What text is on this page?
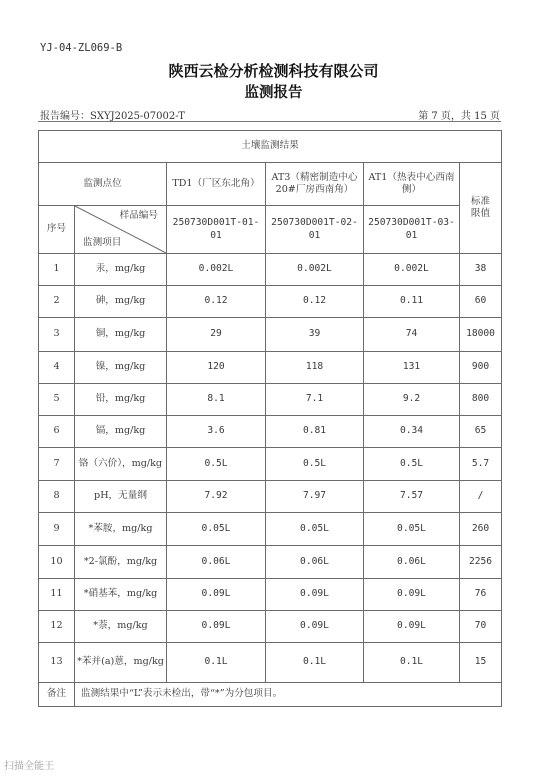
YJ-04-ZL069-B
陕西云检分析检测科技有限公司
监测报告
报告编号：SXYJ2025-07002-T	第 7 页，共 15 页
土壤监测结果					
监测点位		TD1（厂区东北角）	AT3（精密制造中心 20#厂房西南角）	AT1（热表中心西南侧）	标准限值
序号	样品编号
监测项目	250730D001T-01-01	250730D001T-02-01	250730D001T-03-01	
1	汞，mg/kg	0.002L	0.002L	0.002L	38
2	砷，mg/kg	0.12	0.12	0.11	60
3	铜，mg/kg	29	39	74	18000
4	镍，mg/kg	120	118	131	900
5	铅，mg/kg	8.1	7.1	9.2	800
6	镉，mg/kg	3.6	0.81	0.34	65
7	铬（六价），mg/kg	0.5L	0.5L	0.5L	5.7
8	pH，无量纲	7.92	7.97	7.57	/
9	*苯胺，mg/kg	0.05L	0.05L	0.05L	260
10	*2-氯酚，mg/kg	0.06L	0.06L	0.06L	2256
11	*硝基苯，mg/kg	0.09L	0.09L	0.09L	76
12	*萘，mg/kg	0.09L	0.09L	0.09L	70
13	*苯并(a)蒽，mg/kg	0.1L	0.1L	0.1L	15
备注	监测结果中“L”表示未检出，带“*”为分包项目。				
扫描全能王
